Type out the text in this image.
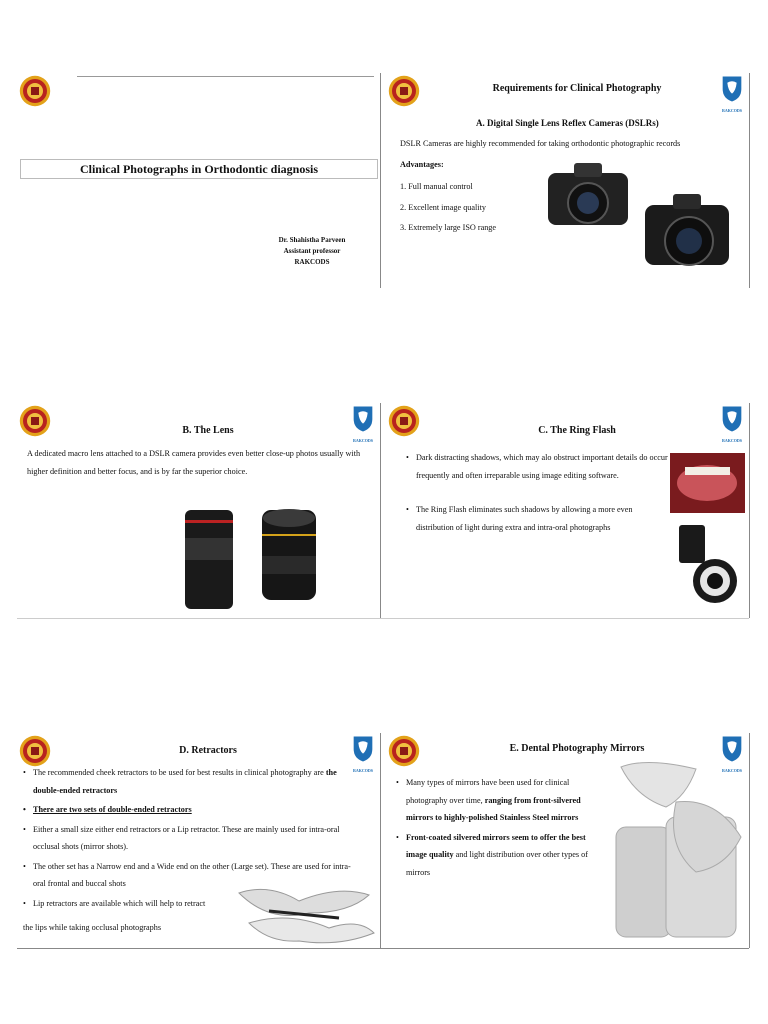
Clinical Photographs in Orthodontic diagnosis
Dr. Shahistha Parveen
Assistant professor
RAKCODS
RAKCODS
Requirements for Clinical Photography
A. Digital Single Lens Reflex Cameras (DSLRs)
DSLR Cameras are highly recommended for taking orthodontic photographic records
Advantages:
1. Full manual control
2. Excellent image quality
3. Extremely large ISO range
RAKCODS
B. The Lens
A dedicated macro lens attached to a DSLR camera provides even better close-up photos usually with higher definition and better focus, and is by far the superior choice.
RAKCODS
C. The Ring Flash
• Dark distracting shadows, which may alo obstruct important details do occur frequently and often irreparable using image editing software.
• The Ring Flash eliminates such shadows by allowing a more even distribution of light during extra and intra-oral photographs
RAKCODS
D. Retractors
• The recommended cheek retractors to be used for best results in clinical photography are the double-ended retractors
• There are two sets of double-ended retractors
• Either a small size either end retractors or a Lip retractor. These are mainly used for intra-oral occlusal shots (mirror shots).
• The other set has a Narrow end and a Wide end on the other (Large set). These are used for intra-oral frontal and buccal shots
• Lip retractors are available which will help to retract
the lips while taking occlusal photographs
RAKCODS
E. Dental Photography Mirrors
• Many types of mirrors have been used for clinical photography over time, ranging from front-silvered mirrors to highly-polished Stainless Steel mirrors
• Front-coated silvered mirrors seem to offer the best image quality and light distribution over other types of mirrors
